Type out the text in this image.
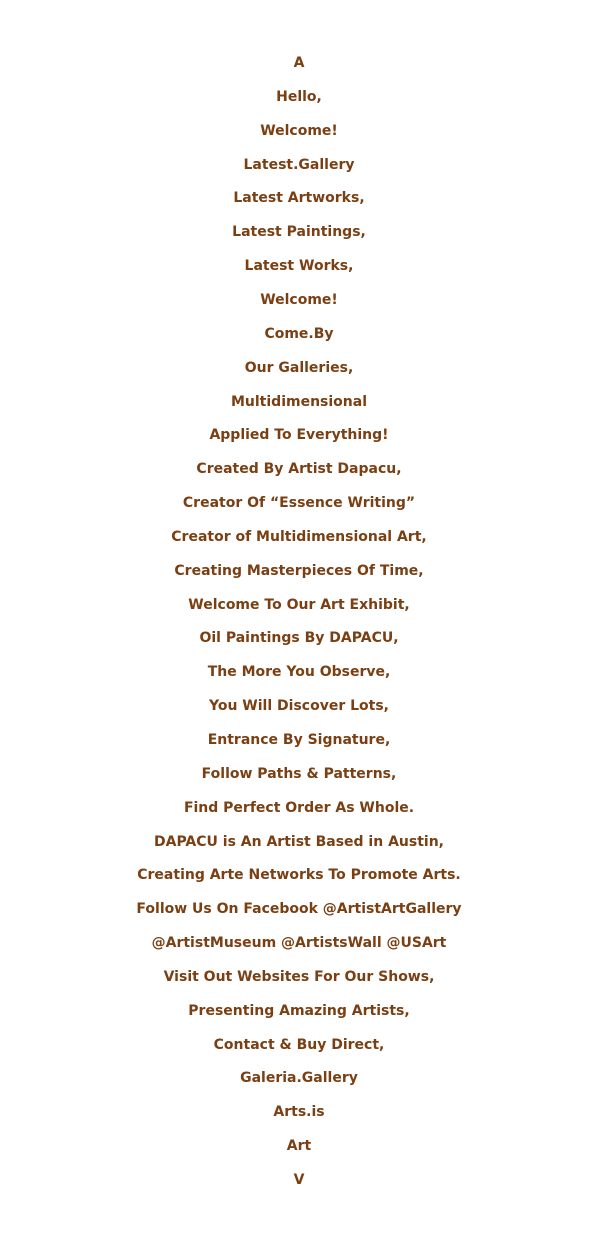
A
Hello,
Welcome!
Latest.Gallery
Latest Artworks,
Latest Paintings,
Latest Works,
Welcome!
Come.By
Our Galleries,
Multidimensional
Applied To Everything!
Created By Artist Dapacu,
Creator Of “Essence Writing”
Creator of Multidimensional Art,
Creating Masterpieces Of Time,
Welcome To Our Art Exhibit,
Oil Paintings By DAPACU,
The More You Observe,
You Will Discover Lots,
Entrance By Signature,
Follow Paths & Patterns,
Find Perfect Order As Whole.
DAPACU is An Artist Based in Austin,
Creating Arte Networks To Promote Arts.
Follow Us On Facebook @ArtistArtGallery
@ArtistMuseum @ArtistsWall @USArt
Visit Out Websites For Our Shows,
Presenting Amazing Artists,
Contact & Buy Direct,
Galeria.Gallery
Arts.is
Art
V
